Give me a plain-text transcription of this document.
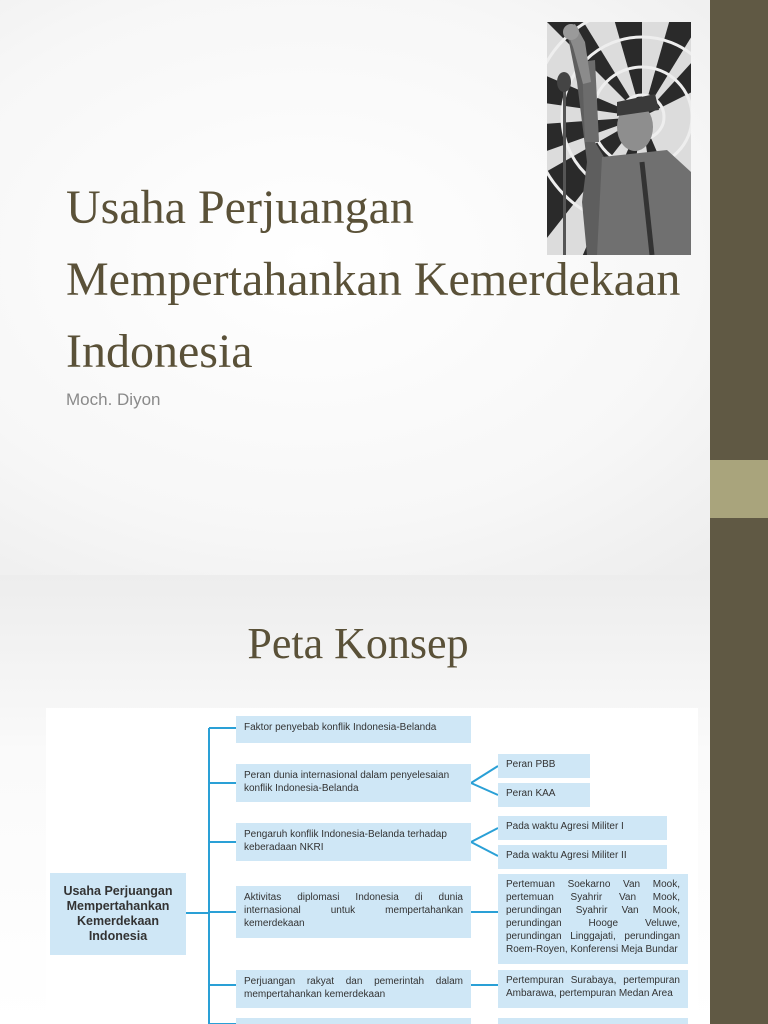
Usaha Perjuangan Mempertahankan Kemerdekaan Indonesia
Moch. Diyon
Peta Konsep
Usaha Perjuangan Mempertahankan Kemerdekaan Indonesia
Faktor penyebab konflik Indonesia-Belanda
Peran dunia internasional dalam penyelesaian konflik Indonesia-Belanda
Peran PBB
Peran KAA
Pengaruh konflik Indonesia-Belanda terhadap keberadaan NKRI
Pada waktu Agresi Militer I
Pada waktu Agresi Militer II
Aktivitas diplomasi Indonesia di dunia internasional untuk mempertahankan kemerdekaan
Pertemuan Soekarno Van Mook, pertemuan Syahrir Van Mook, perundingan Syahrir Van Mook, perundingan Hooge Veluwe, perundingan Linggajati, perundingan Roem-Royen, Konferensi Meja Bundar
Perjuangan rakyat dan pemerintah dalam mempertahankan kemerdekaan
Pertempuran Surabaya, pertempuran Ambarawa, pertempuran Medan Area
